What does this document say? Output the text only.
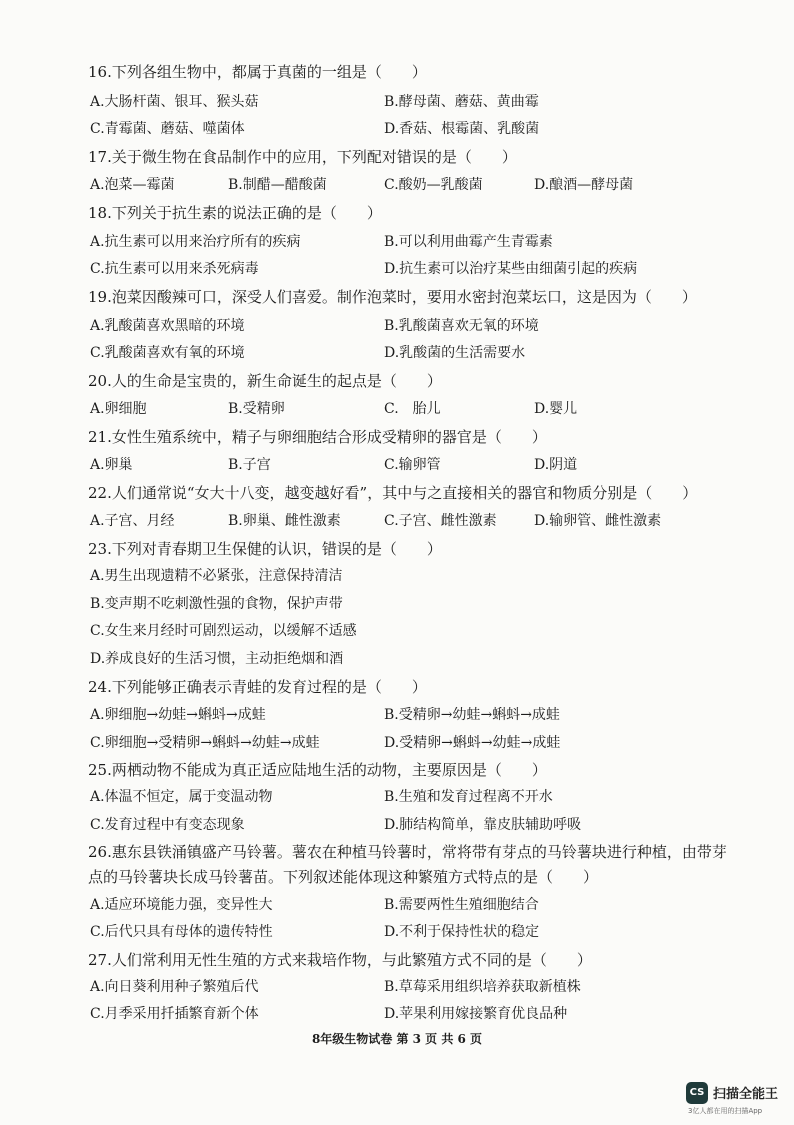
16.下列各组生物中，都属于真菌的一组是（　　）
A.大肠杆菌、银耳、猴头菇	B.酵母菌、蘑菇、黄曲霉
C.青霉菌、蘑菇、噬菌体	D.香菇、根霉菌、乳酸菌
17.关于微生物在食品制作中的应用，下列配对错误的是（　　）
A.泡菜—霉菌	B.制醋—醋酸菌	C.酸奶—乳酸菌	D.酿酒—酵母菌
18.下列关于抗生素的说法正确的是（　　）
A.抗生素可以用来治疗所有的疾病	B.可以利用曲霉产生青霉素
C.抗生素可以用来杀死病毒	D.抗生素可以治疗某些由细菌引起的疾病
19.泡菜因酸辣可口，深受人们喜爱。制作泡菜时，要用水密封泡菜坛口，这是因为（　　）
A.乳酸菌喜欢黑暗的环境	B.乳酸菌喜欢无氧的环境
C.乳酸菌喜欢有氧的环境	D.乳酸菌的生活需要水
20.人的生命是宝贵的，新生命诞生的起点是（　　）
A.卵细胞	B.受精卵	C.　胎儿	D.婴儿
21.女性生殖系统中，精子与卵细胞结合形成受精卵的器官是（　　）
A.卵巢	B.子宫	C.输卵管	D.阴道
22.人们通常说“女大十八变，越变越好看”，其中与之直接相关的器官和物质分别是（　　）
A.子宫、月经	B.卵巢、雌性激素	C.子宫、雌性激素	D.输卵管、雌性激素
23.下列对青春期卫生保健的认识，错误的是（　　）
A.男生出现遗精不必紧张，注意保持清洁
B.变声期不吃刺激性强的食物，保护声带
C.女生来月经时可剧烈运动，以缓解不适感
D.养成良好的生活习惯，主动拒绝烟和酒
24.下列能够正确表示青蛙的发育过程的是（　　）
A.卵细胞→幼蛙→蝌蚪→成蛙	B.受精卵→幼蛙→蝌蚪→成蛙
C.卵细胞→受精卵→蝌蚪→幼蛙→成蛙	D.受精卵→蝌蚪→幼蛙→成蛙
25.两栖动物不能成为真正适应陆地生活的动物，主要原因是（　　）
A.体温不恒定，属于变温动物	B.生殖和发育过程离不开水
C.发育过程中有变态现象	D.肺结构简单，靠皮肤辅助呼吸
26.惠东县铁涌镇盛产马铃薯。薯农在种植马铃薯时，常将带有芽点的马铃薯块进行种植，由带芽
点的马铃薯块长成马铃薯苗。下列叙述能体现这种繁殖方式特点的是（　　）
A.适应环境能力强，变异性大	B.需要两性生殖细胞结合
C.后代只具有母体的遗传特性	D.不利于保持性状的稳定
27.人们常利用无性生殖的方式来栽培作物，与此繁殖方式不同的是（　　）
A.向日葵利用种子繁殖后代	B.草莓采用组织培养获取新植株
C.月季采用扦插繁育新个体	D.苹果利用嫁接繁育优良品种
8年级生物试卷 第 3 页 共 6 页
CS 扫描全能王
3亿人都在用的扫描App
